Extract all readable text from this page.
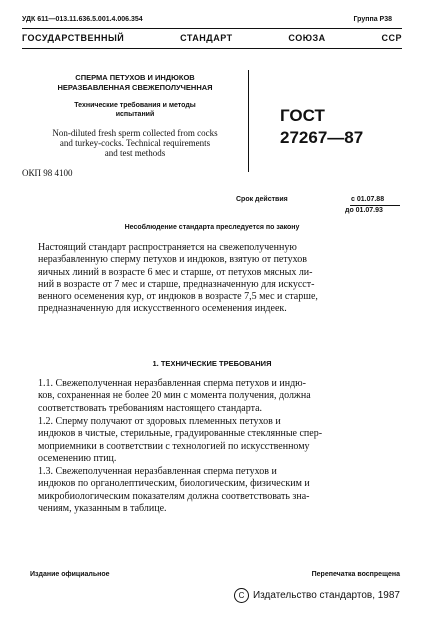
УДК 611—013.11.636.5.001.4.006.354	Группа Р38
ГОСУДАРСТВЕННЫЙ	СТАНДАРТ	СОЮЗА	ССР
СПЕРМА ПЕТУХОВ И ИНДЮКОВ
НЕРАЗБАВЛЕННАЯ СВЕЖЕПОЛУЧЕННАЯ
Технические требования и методы
испытаний
Non-diluted fresh sperm collected from cocks
and turkey-cocks. Technical requirements
and test methods
ОКП 98 4100
ГОСТ
27267—87
Срок действия	с 01.07.88
до 01.07.93
Несоблюдение стандарта преследуется по закону
Настоящий стандарт распространяется на свежеполученную
неразбавленную сперму петухов и индюков, взятую от петухов
яичных линий в возрасте 6 мес и старше, от петухов мясных ли-
ний в возрасте от 7 мес и старше, предназначенную для искусст-
венного осеменения кур, от индюков в возрасте 7,5 мес и старше,
предназначенную для искусственного осеменения индеек.
1. ТЕХНИЧЕСКИЕ ТРЕБОВАНИЯ
1.1. Свежеполученная неразбавленная сперма петухов и индю-
ков, сохраненная не более 20 мин с момента получения, должна
соответствовать требованиям настоящего стандарта.
1.2. Сперму получают от здоровых племенных петухов и
индюков в чистые, стерильные, градуированные стеклянные спер-
моприемники в соответствии с технологией по искусственному
осеменению птиц.
1.3. Свежеполученная неразбавленная сперма петухов и
индюков по органолептическим, биологическим, физическим и
микробиологическим показателям должна соответствовать зна-
чениям, указанным в таблице.
Издание официальное	Перепечатка воспрещена
C Издательство стандартов, 1987
